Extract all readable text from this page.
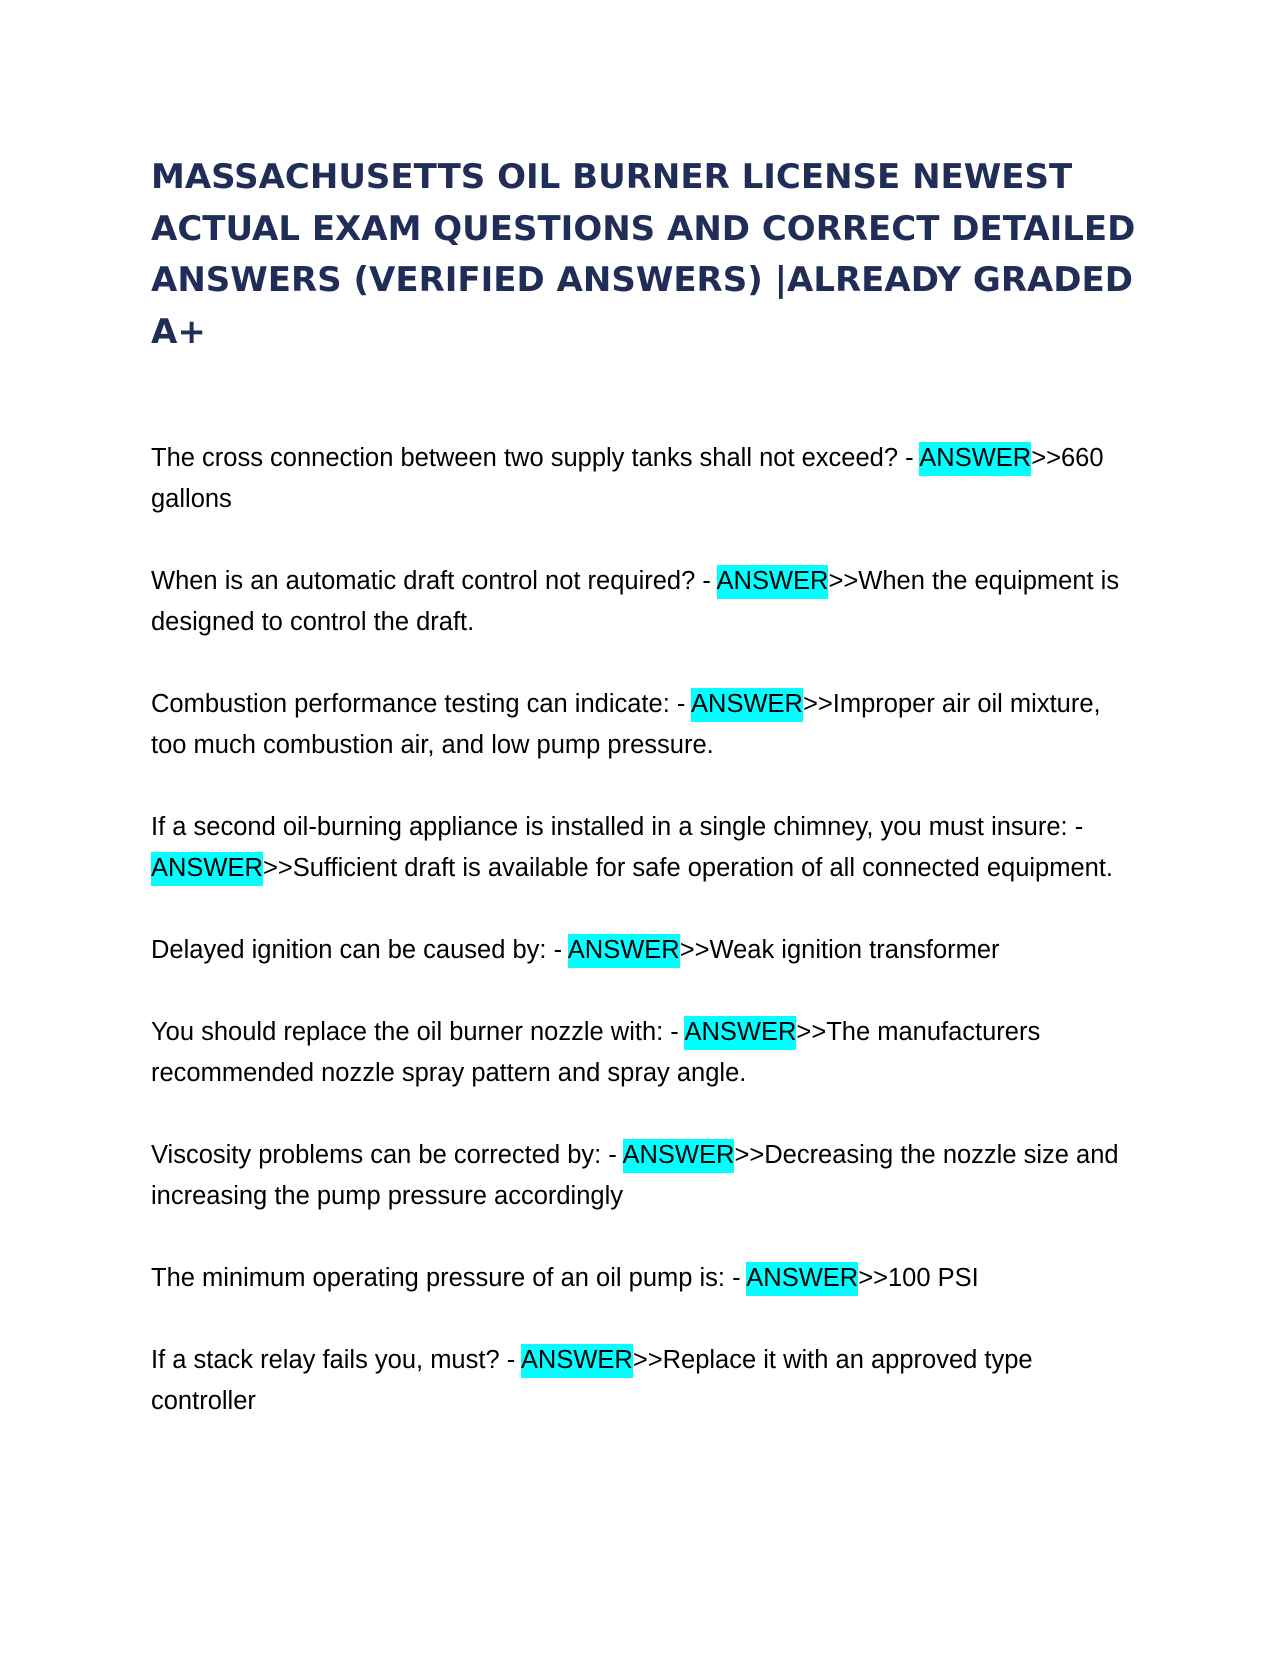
MASSACHUSETTS OIL BURNER LICENSE NEWEST ACTUAL EXAM QUESTIONS AND CORRECT DETAILED ANSWERS (VERIFIED ANSWERS) |ALREADY GRADED A+

The cross connection between two supply tanks shall not exceed? - ANSWER>>660 gallons

When is an automatic draft control not required? - ANSWER>>When the equipment is designed to control the draft.

Combustion performance testing can indicate: - ANSWER>>Improper air oil mixture, too much combustion air, and low pump pressure.

If a second oil-burning appliance is installed in a single chimney, you must insure: - ANSWER>>Sufficient draft is available for safe operation of all connected equipment.

Delayed ignition can be caused by: - ANSWER>>Weak ignition transformer

You should replace the oil burner nozzle with: - ANSWER>>The manufacturers recommended nozzle spray pattern and spray angle.

Viscosity problems can be corrected by: - ANSWER>>Decreasing the nozzle size and increasing the pump pressure accordingly

The minimum operating pressure of an oil pump is: - ANSWER>>100 PSI

If a stack relay fails you, must? - ANSWER>>Replace it with an approved type controller
